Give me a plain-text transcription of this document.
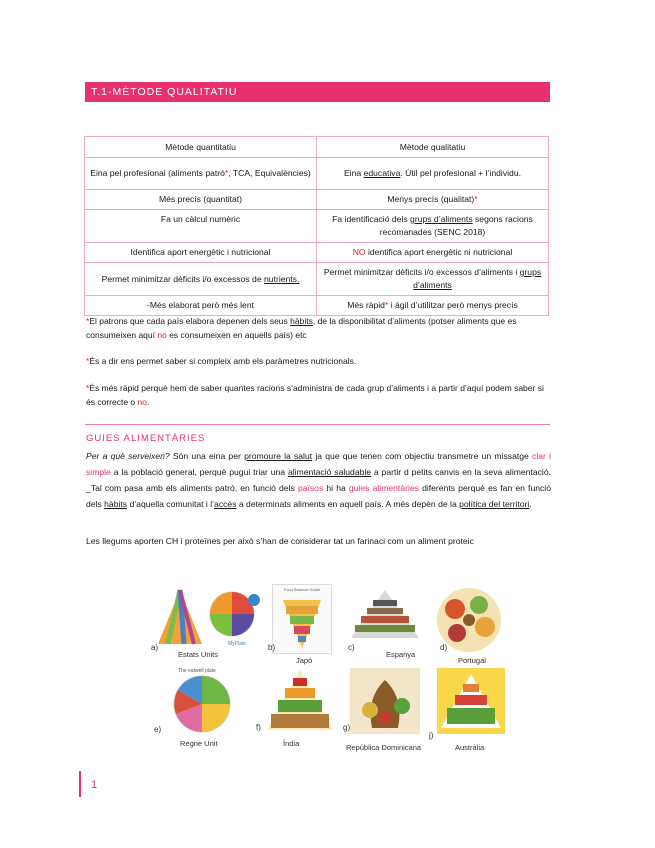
T.1-MÈTODE QUALITATIU
Mètode quantitatiu	Mètode qualitatiu
Eina pel profesional (aliments patró*, TCA, Equivalències)	Eina educativa. Útil pel profesional + l’individu.
Més precís (quantitat)	Menys precís (qualitat)*
Fa un càlcul numèric	Fa identificació dels grups d’aliments segons racions recomanades (SENC 2018)
Identifica aport energètic i nutricional	NO identifica aport energètic ni nutricional
Permet minimitzar dèficits i/o excessos de nutrients.	Permet minimitzar dèficits i/o excessos d’aliments i grups d’aliments
-Més elaborat però més lent	Més ràpid* i àgil d’utilitzar però menys precís
*El patrons que cada país elabora depenen dels seus hàbits, de la disponibilitat d’aliments (potser aliments que es consumeixen aquí no es consumeixen en aquells país) etc
*És a dir ens permet saber si compleix amb els paràmetres nutricionals.
*És més ràpid perquè hem de saber quantes racions s’administra de cada grup d’aliments i a partir d’aquí podem saber si és correcte o no.
GUIES ALIMENTÀRIES
Per a què serveixen? Són una eina per promoure la salut ja que que tenen com objectiu transmetre un missatge clar i simple a la població general, perquè pugui triar una alimentació saludable a partir d petits canvis en la seva alimentació. _Tal com pasa amb els aliments patró, en funció dels països hi ha guies alimentàries diferents perquè es fan en funció dels hàbits d’aquella comunitat i l’accés a determinats aliments en aquell país. A més depèn de la política del territori.
Les llegums aporten CH i proteïnes per això s’han de considerar tat un farinaci com un aliment proteic
MyPlate
a)
Estats Units
Food Balance Guide
b)
Japó
c)
Espanya
d)
Portugal
The eatwell plate
e)
Regne Unit
f)
Índia
g)
República Dominicana
j)
Austràlia
1
